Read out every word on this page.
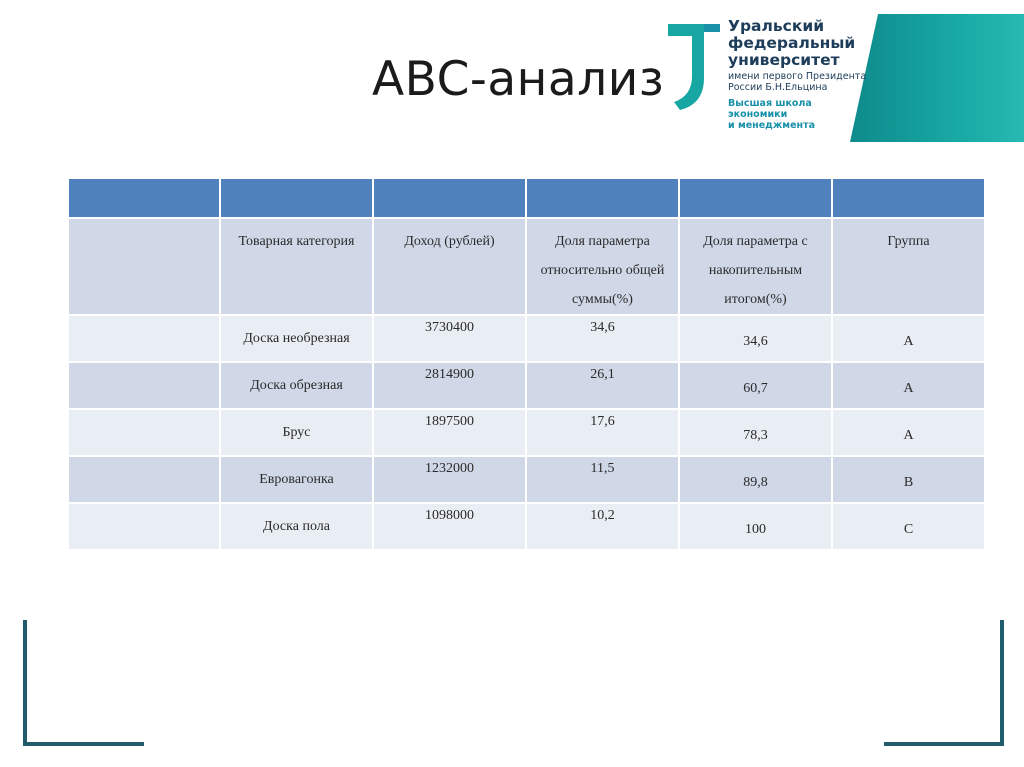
ABC-анализ
Уральский
федеральный
университет
имени первого Президента
России Б.Н.Ельцина
Высшая школа
экономики
и менеджмента

	Товарная категория	Доход (рублей)	Доля параметра относительно общей суммы(%)	Доля параметра с накопительным итогом(%)	Группа
	Доска необрезная	3730400	34,6	34,6	A
	Доска обрезная	2814900	26,1	60,7	A
	Брус	1897500	17,6	78,3	A
	Евровагонка	1232000	11,5	89,8	B
	Доска пола	1098000	10,2	100	C
